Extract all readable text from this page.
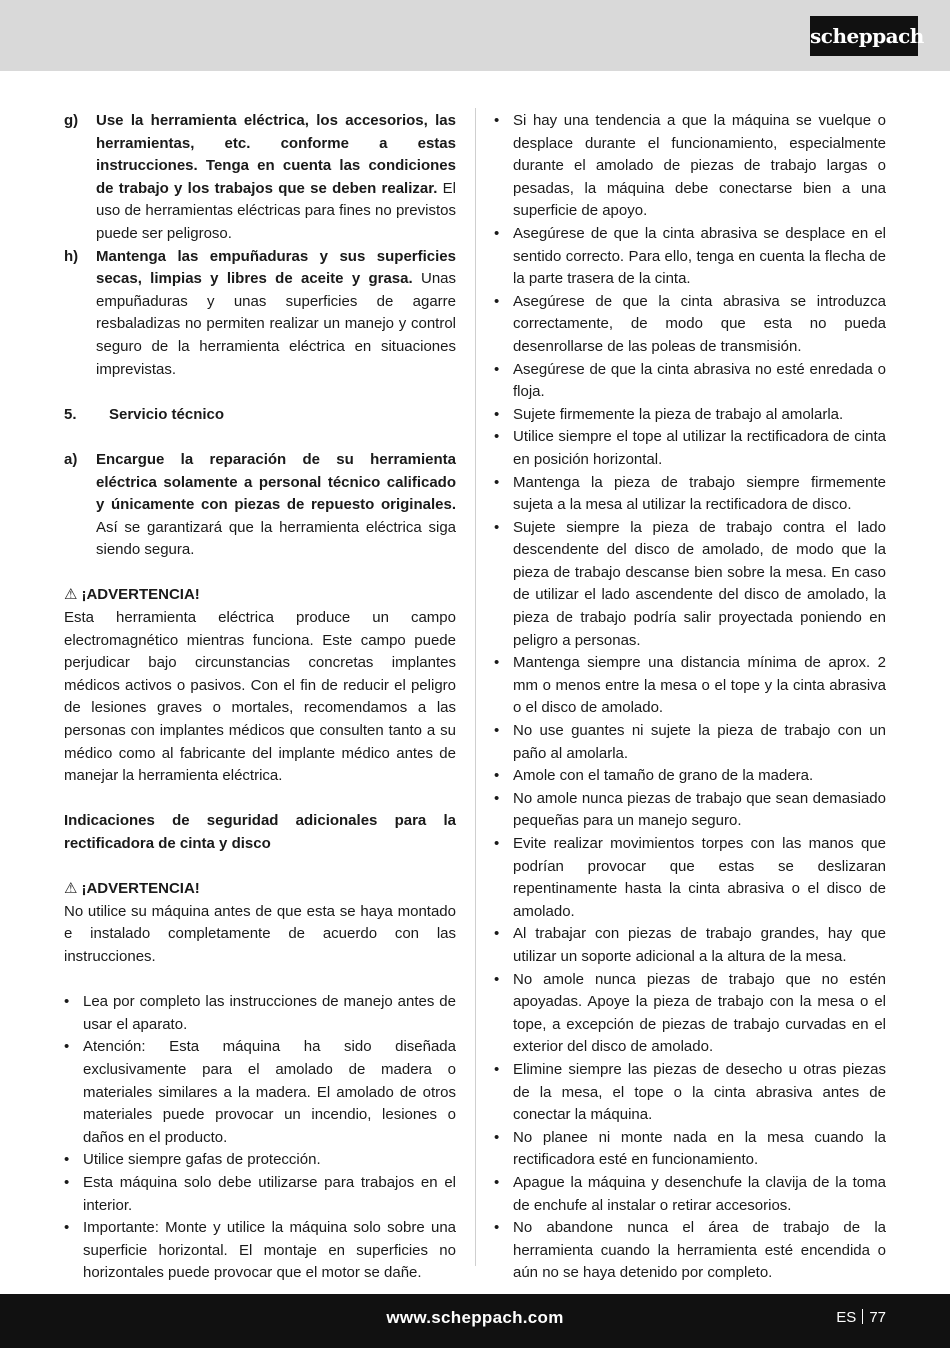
scheppach
g) Use la herramienta eléctrica, los accesorios, las herramientas, etc. conforme a estas instrucciones. Tenga en cuenta las condiciones de trabajo y los trabajos que se deben realizar. El uso de herramientas eléctricas para fines no previstos puede ser peligroso.
h) Mantenga las empuñaduras y sus superficies secas, limpias y libres de aceite y grasa. Unas empuñaduras y unas superficies de agarre resbaladizas no permiten realizar un manejo y control seguro de la herramienta eléctrica en situaciones imprevistas.
5. Servicio técnico
a) Encargue la reparación de su herramienta eléctrica solamente a personal técnico calificado y únicamente con piezas de repuesto originales. Así se garantizará que la herramienta eléctrica siga siendo segura.
⚠ ¡ADVERTENCIA!
Esta herramienta eléctrica produce un campo electromagnético mientras funciona. Este campo puede perjudicar bajo circunstancias concretas implantes médicos activos o pasivos. Con el fin de reducir el peligro de lesiones graves o mortales, recomendamos a las personas con implantes médicos que consulten tanto a su médico como al fabricante del implante médico antes de manejar la herramienta eléctrica.
Indicaciones de seguridad adicionales para la rectificadora de cinta y disco
⚠ ¡ADVERTENCIA!
No utilice su máquina antes de que esta se haya montado e instalado completamente de acuerdo con las instrucciones.
• Lea por completo las instrucciones de manejo antes de usar el aparato.
• Atención: Esta máquina ha sido diseñada exclusivamente para el amolado de madera o materiales similares a la madera. El amolado de otros materiales puede provocar un incendio, lesiones o daños en el producto.
• Utilice siempre gafas de protección.
• Esta máquina solo debe utilizarse para trabajos en el interior.
• Importante: Monte y utilice la máquina solo sobre una superficie horizontal. El montaje en superficies no horizontales puede provocar que el motor se dañe.
• Si hay una tendencia a que la máquina se vuelque o desplace durante el funcionamiento, especialmente durante el amolado de piezas de trabajo largas o pesadas, la máquina debe conectarse bien a una superficie de apoyo.
• Asegúrese de que la cinta abrasiva se desplace en el sentido correcto. Para ello, tenga en cuenta la flecha de la parte trasera de la cinta.
• Asegúrese de que la cinta abrasiva se introduzca correctamente, de modo que esta no pueda desenrollarse de las poleas de transmisión.
• Asegúrese de que la cinta abrasiva no esté enredada o floja.
• Sujete firmemente la pieza de trabajo al amolarla.
• Utilice siempre el tope al utilizar la rectificadora de cinta en posición horizontal.
• Mantenga la pieza de trabajo siempre firmemente sujeta a la mesa al utilizar la rectificadora de disco.
• Sujete siempre la pieza de trabajo contra el lado descendente del disco de amolado, de modo que la pieza de trabajo descanse bien sobre la mesa. En caso de utilizar el lado ascendente del disco de amolado, la pieza de trabajo podría salir proyectada poniendo en peligro a personas.
• Mantenga siempre una distancia mínima de aprox. 2 mm o menos entre la mesa o el tope y la cinta abrasiva o el disco de amolado.
• No use guantes ni sujete la pieza de trabajo con un paño al amolarla.
• Amole con el tamaño de grano de la madera.
• No amole nunca piezas de trabajo que sean demasiado pequeñas para un manejo seguro.
• Evite realizar movimientos torpes con las manos que podrían provocar que estas se deslizaran repentinamente hasta la cinta abrasiva o el disco de amolado.
• Al trabajar con piezas de trabajo grandes, hay que utilizar un soporte adicional a la altura de la mesa.
• No amole nunca piezas de trabajo que no estén apoyadas. Apoye la pieza de trabajo con la mesa o el tope, a excepción de piezas de trabajo curvadas en el exterior del disco de amolado.
• Elimine siempre las piezas de desecho u otras piezas de la mesa, el tope o la cinta abrasiva antes de conectar la máquina.
• No planee ni monte nada en la mesa cuando la rectificadora esté en funcionamiento.
• Apague la máquina y desenchufe la clavija de la toma de enchufe al instalar o retirar accesorios.
• No abandone nunca el área de trabajo de la herramienta cuando la herramienta esté encendida o aún no se haya detenido por completo.
www.scheppach.com	ES 77
